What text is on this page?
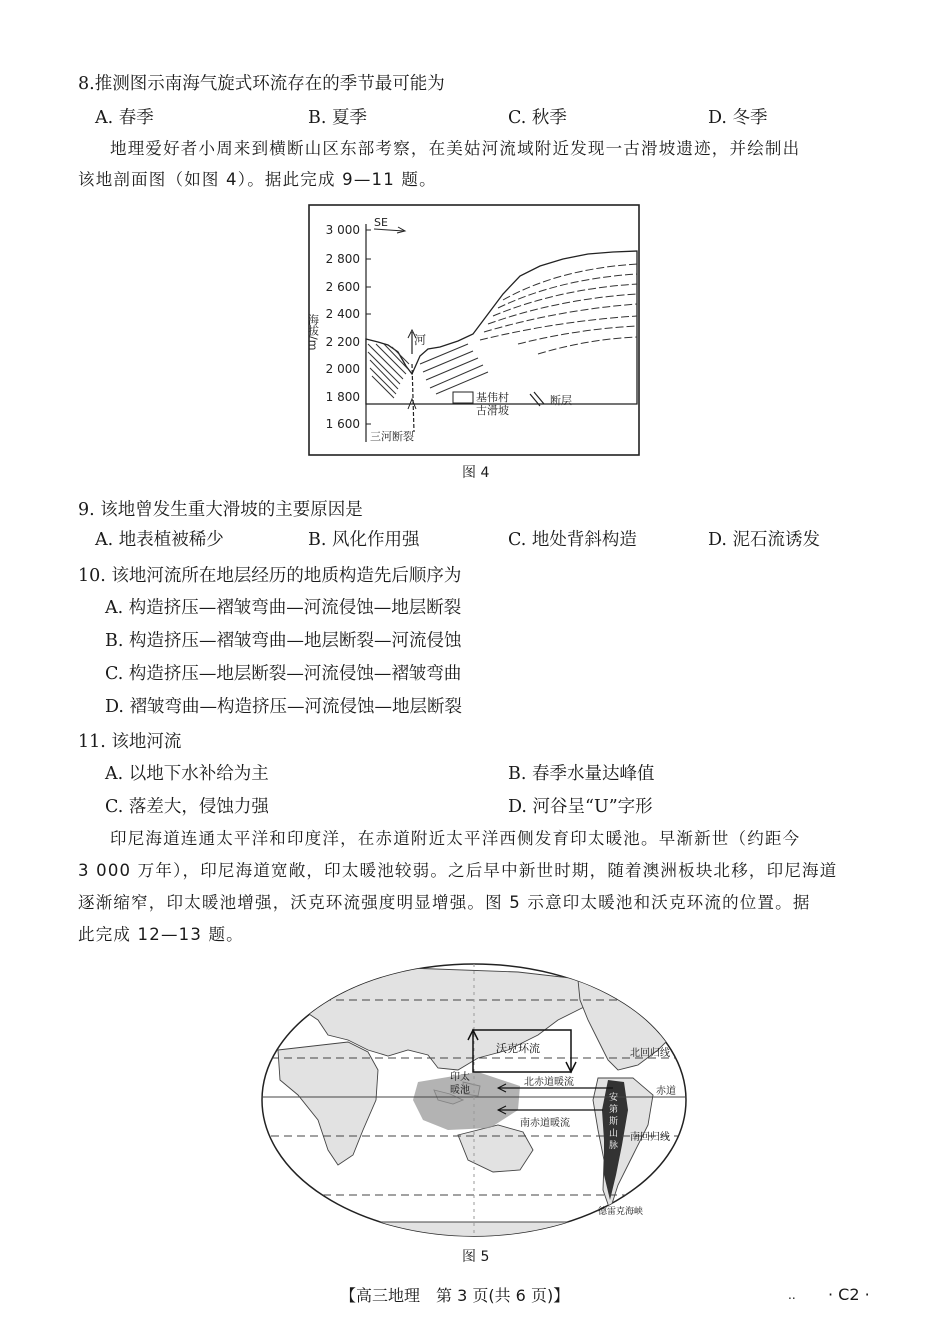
8.推测图示南海气旋式环流存在的季节最可能为
A. 春季	B. 夏季	C. 秋季	D. 冬季
地理爱好者小周来到横断山区东部考察，在美姑河流域附近发现一古滑坡遗迹，并绘制出
该地剖面图（如图 4）。据此完成 9—11 题。
3 000
2 800
2 600
2 400
2 200
2 000
1 800
1 600
海拔/m
SE
河
三河断裂
基伟村
古滑坡
断层
图 4
9. 该地曾发生重大滑坡的主要原因是
A. 地表植被稀少	B. 风化作用强	C. 地处背斜构造	D. 泥石流诱发
10. 该地河流所在地层经历的地质构造先后顺序为
A. 构造挤压—褶皱弯曲—河流侵蚀—地层断裂
B. 构造挤压—褶皱弯曲—地层断裂—河流侵蚀
C. 构造挤压—地层断裂—河流侵蚀—褶皱弯曲
D. 褶皱弯曲—构造挤压—河流侵蚀—地层断裂
11. 该地河流
A. 以地下水补给为主	B. 春季水量达峰值
C. 落差大，侵蚀力强	D. 河谷呈“U”字形
印尼海道连通太平洋和印度洋，在赤道附近太平洋西侧发育印太暖池。早渐新世（约距今
3 000 万年），印尼海道宽敞，印太暖池较弱。之后早中新世时期，随着澳洲板块北移，印尼海道
逐渐缩窄，印太暖池增强，沃克环流强度明显增强。图 5 示意印太暖池和沃克环流的位置。据
此完成 12—13 题。
沃克环流
北赤道暖流
南赤道暖流
印太
暖池	赤道
北回归线
南回归线
安
第
斯
山
脉
德雷克海峡
图 5
【高三地理　第 3 页(共 6 页)】	.. · C2 ·
